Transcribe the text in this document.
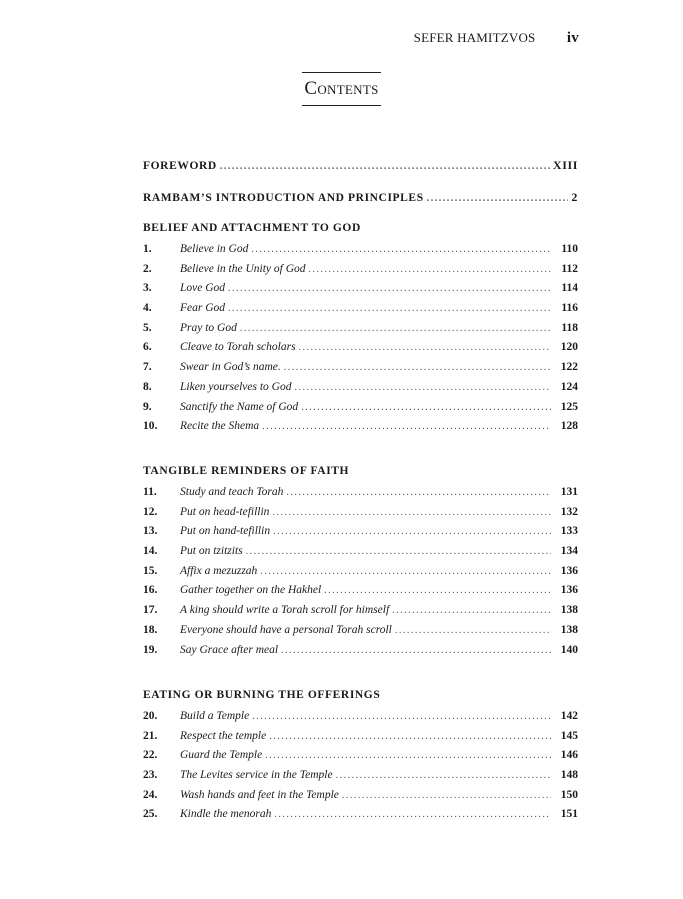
SEFER HAMITZVOS iv
Contents
FOREWORD .....	XIII
RAMBAM’S INTRODUCTION AND PRINCIPLES .....	2
BELIEF AND ATTACHMENT TO GOD
1.	Believe in God .....	110
2.	Believe in the Unity of God .....	112
3.	Love God .....	114
4.	Fear God .....	116
5.	Pray to God .....	118
6.	Cleave to Torah scholars .....	120
7.	Swear in God’s name. .....	122
8.	Liken yourselves to God .....	124
9.	Sanctify the Name of God .....	125
10.	Recite the Shema .....	128
TANGIBLE REMINDERS OF FAITH
11.	Study and teach Torah .....	131
12.	Put on head-tefillin .....	132
13.	Put on hand-tefillin .....	133
14.	Put on tzitzits .....	134
15.	Affix a mezuzzah .....	136
16.	Gather together on the Hakhel .....	136
17.	A king should write a Torah scroll for himself .....	138
18.	Everyone should have a personal Torah scroll .....	138
19.	Say Grace after meal .....	140
EATING OR BURNING THE OFFERINGS
20.	Build a Temple .....	142
21.	Respect the temple .....	145
22.	Guard the Temple .....	146
23.	The Levites service in the Temple .....	148
24.	Wash hands and feet in the Temple .....	150
25.	Kindle the menorah .....	151
